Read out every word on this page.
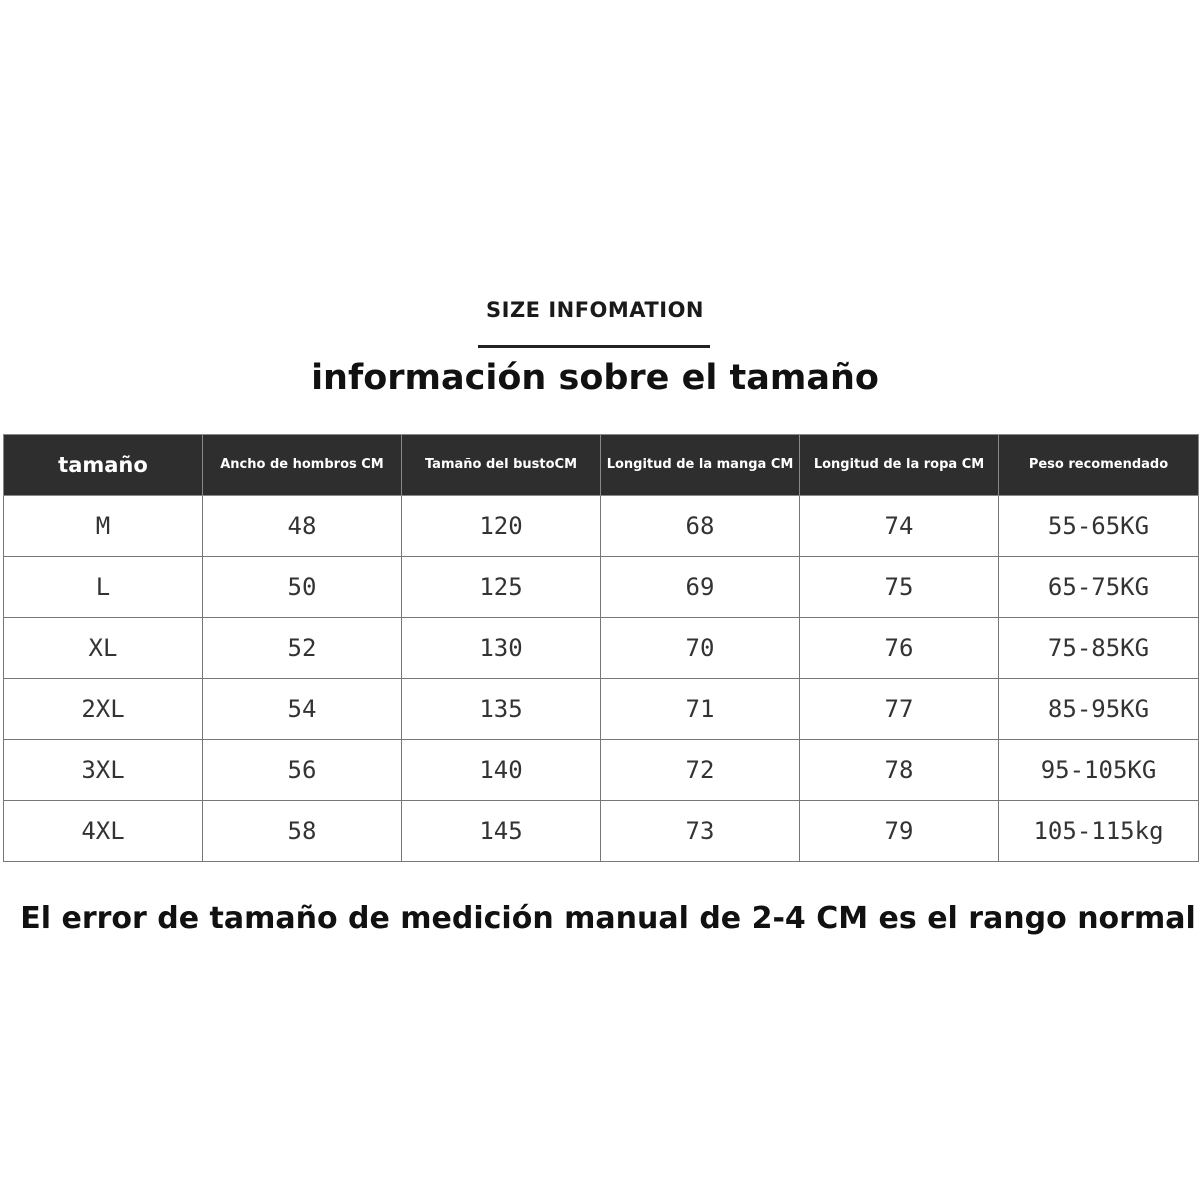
SIZE INFOMATION
información sobre el tamaño
tamaño	Ancho de hombros CM	Tamaño del bustoCM	Longitud de la manga CM	Longitud de la ropa CM	Peso recomendado
M	48	120	68	74	55-65KG
L	50	125	69	75	65-75KG
XL	52	130	70	76	75-85KG
2XL	54	135	71	77	85-95KG
3XL	56	140	72	78	95-105KG
4XL	58	145	73	79	105-115kg
El error de tamaño de medición manual de 2-4 CM es el rango normal
